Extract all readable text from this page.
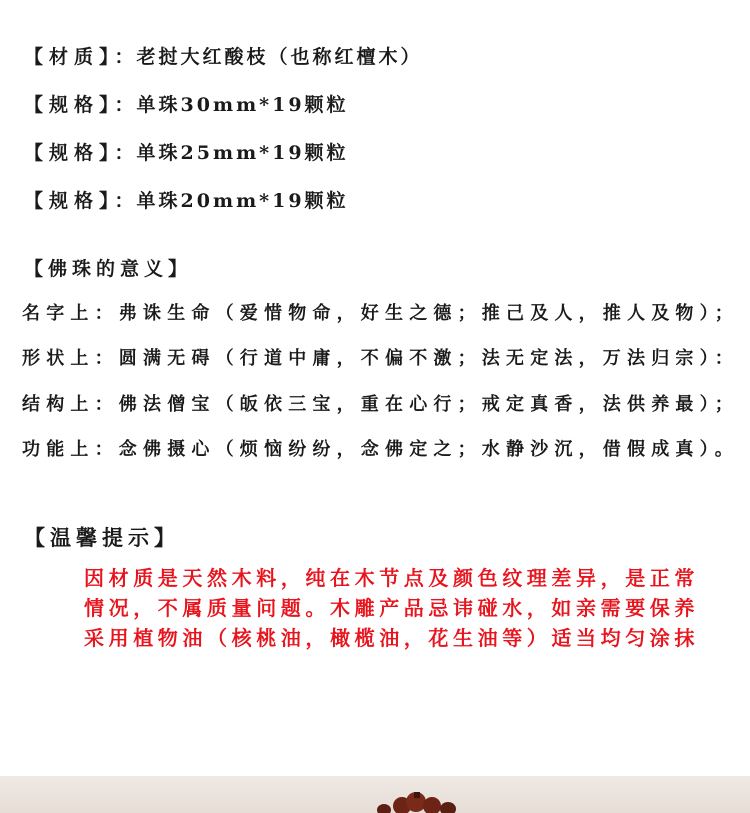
【材质】：老挝大红酸枝（也称红檀木）
【规格】：单珠30mm*19颗粒
【规格】：单珠25mm*19颗粒
【规格】：单珠20mm*19颗粒
【佛珠的意义】
名字上：弗诛生命（爱惜物命，好生之德；推己及人，推人及物）；
形状上：圆满无碍（行道中庸，不偏不激；法无定法，万法归宗）：
结构上：佛法僧宝（皈依三宝，重在心行；戒定真香，法供养最）；
功能上：念佛摄心（烦恼纷纷，念佛定之；水静沙沉，借假成真）。
【温馨提示】
因材质是天然木料，纯在木节点及颜色纹理差异，是正常
情况，不属质量问题。木雕产品忌讳碰水，如亲需要保养
采用植物油（核桃油，橄榄油，花生油等）适当均匀涂抹
